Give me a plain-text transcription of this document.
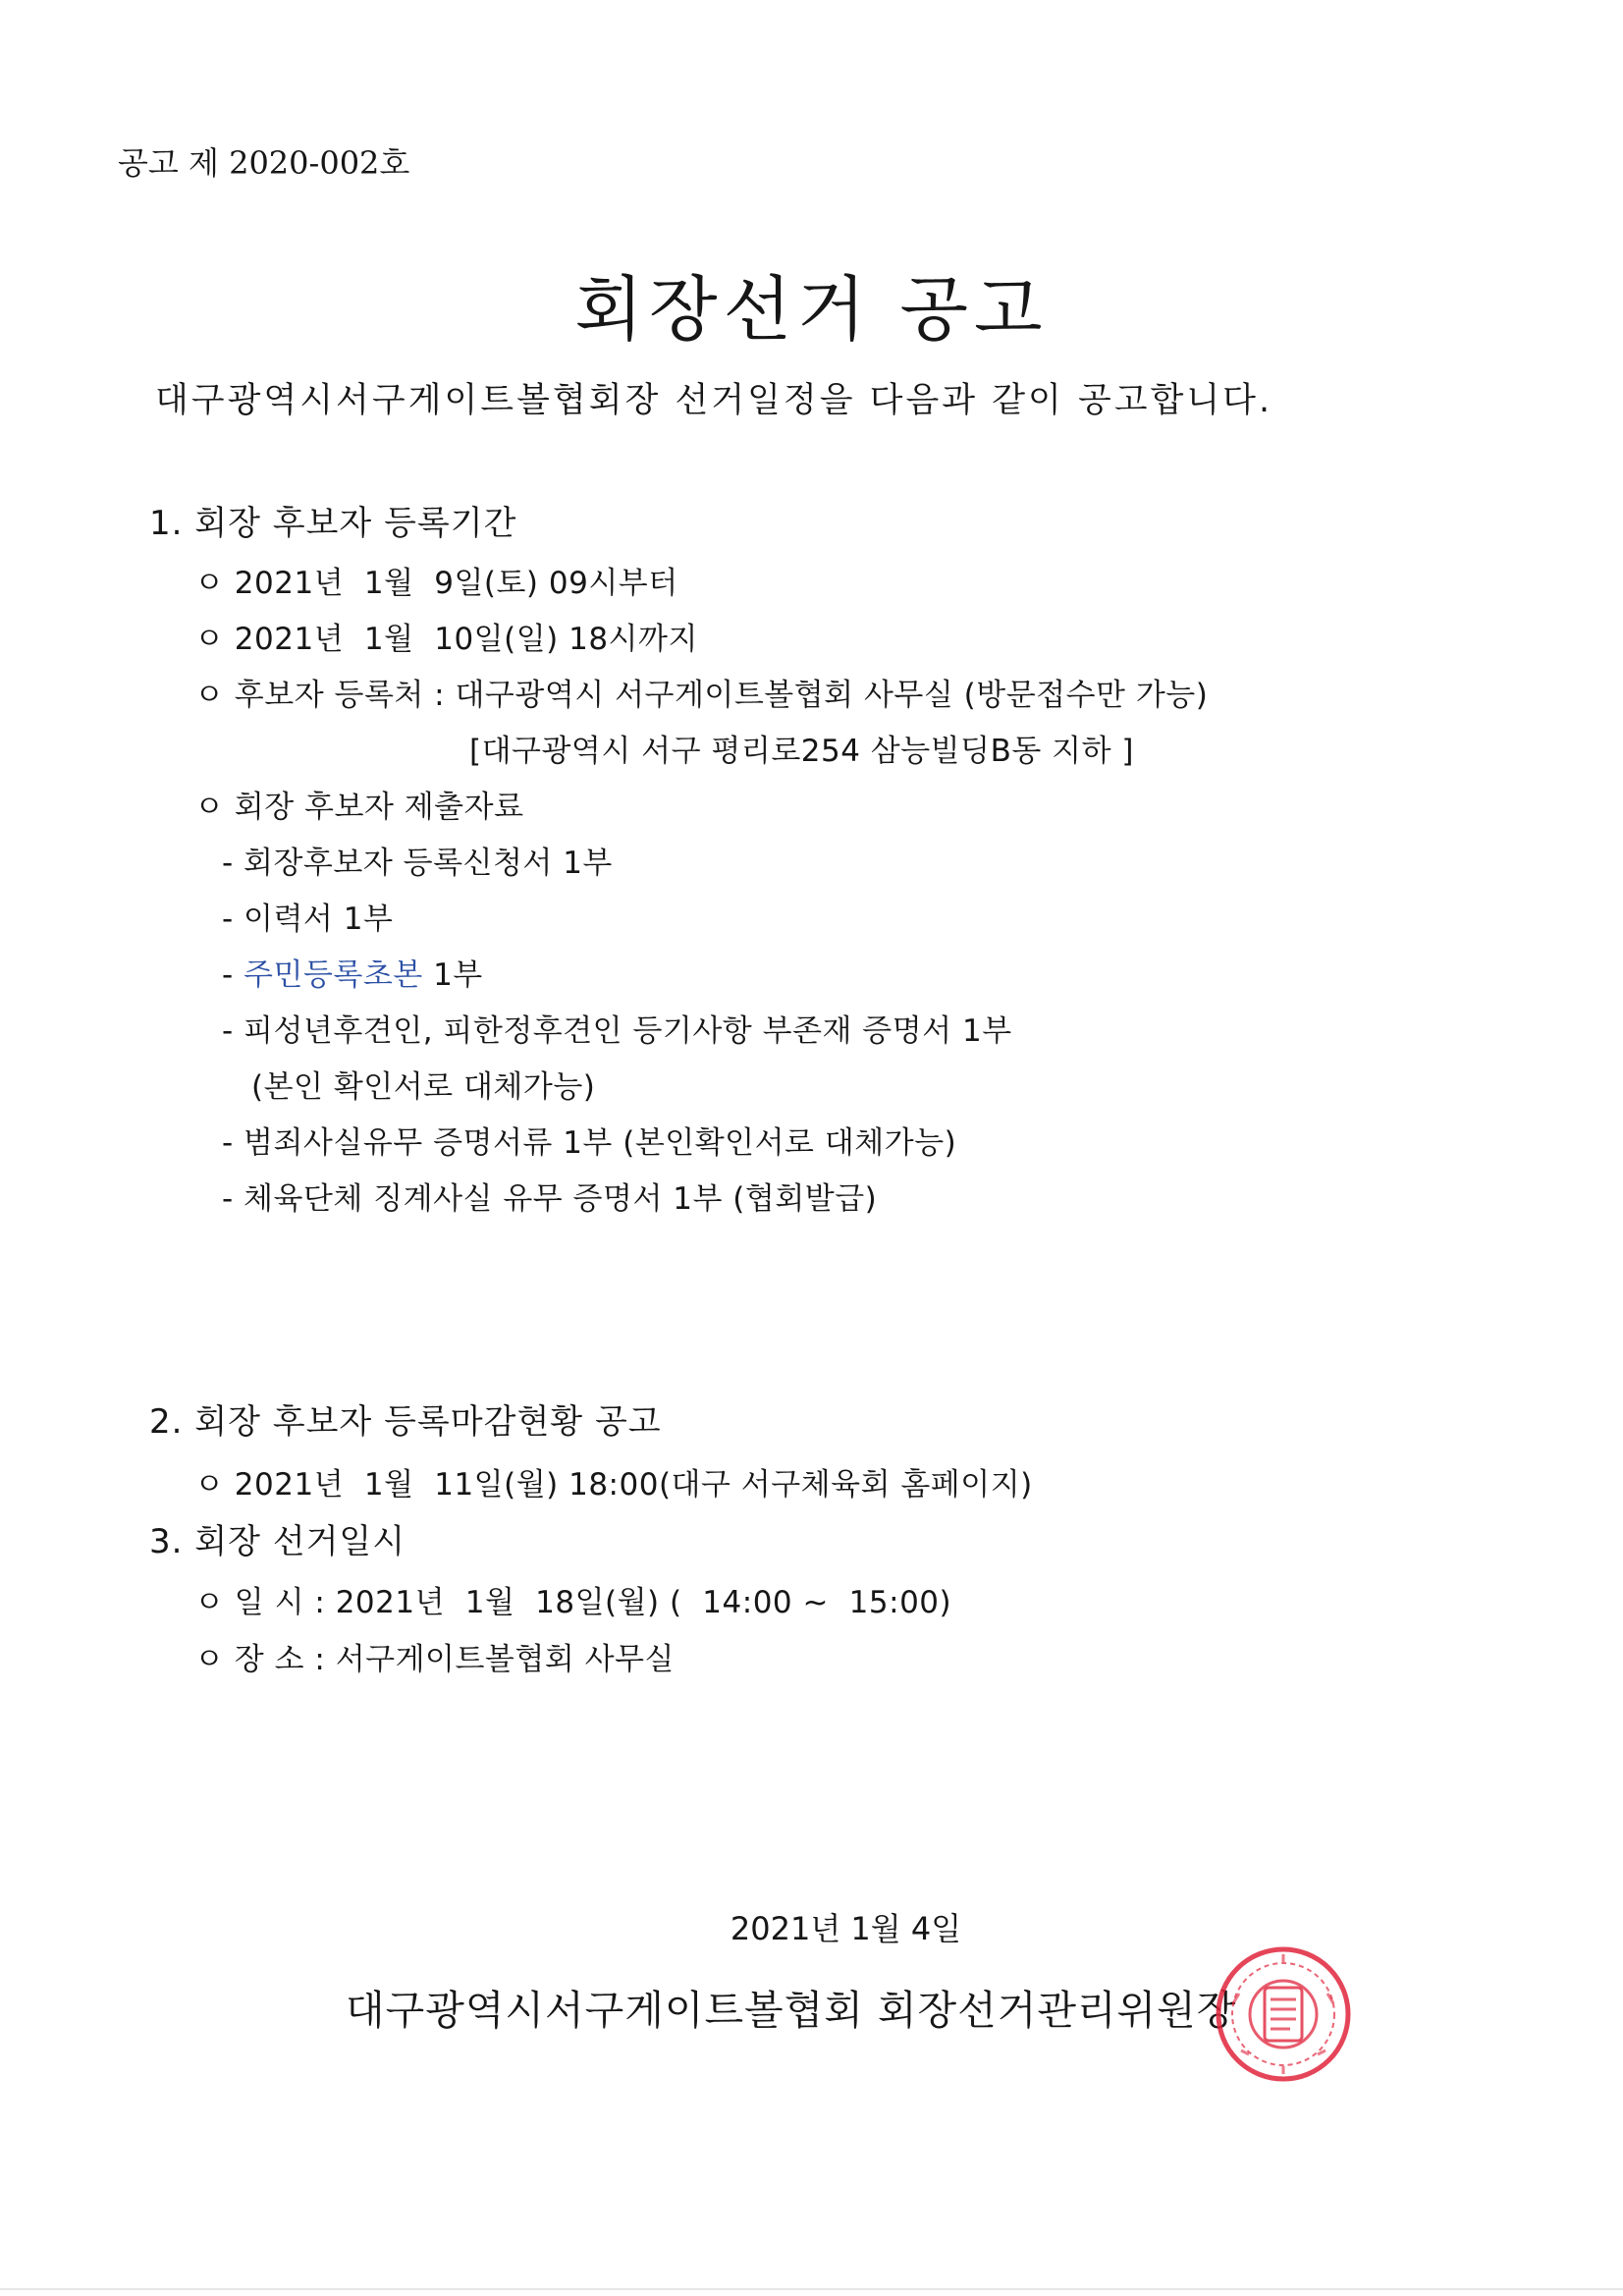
공고 제 2020-002호
회장선거 공고
대구광역시서구게이트볼협회장 선거일정을 다음과 같이 공고합니다.
1. 회장 후보자 등록기간
ㅇ 2021년  1월  9일(토) 09시부터
ㅇ 2021년  1월  10일(일) 18시까지
ㅇ 후보자 등록처 : 대구광역시 서구게이트볼협회 사무실 (방문접수만 가능)
[대구광역시 서구 평리로254 삼능빌딩B동 지하 ]
ㅇ 회장 후보자 제출자료
- 회장후보자 등록신청서 1부
- 이력서 1부
- 주민등록초본 1부
- 피성년후견인, 피한정후견인 등기사항 부존재 증명서 1부
(본인 확인서로 대체가능)
- 범죄사실유무 증명서류 1부 (본인확인서로 대체가능)
- 체육단체 징계사실 유무 증명서 1부 (협회발급)
2. 회장 후보자 등록마감현황 공고
ㅇ 2021년  1월  11일(월) 18:00(대구 서구체육회 홈페이지)
3. 회장 선거일시
ㅇ 일 시 : 2021년  1월  18일(월) (  14:00 ~  15:00)
ㅇ 장 소 : 서구게이트볼협회 사무실
2021년 1월 4일
대구광역시서구게이트볼협회 회장선거관리위원장
